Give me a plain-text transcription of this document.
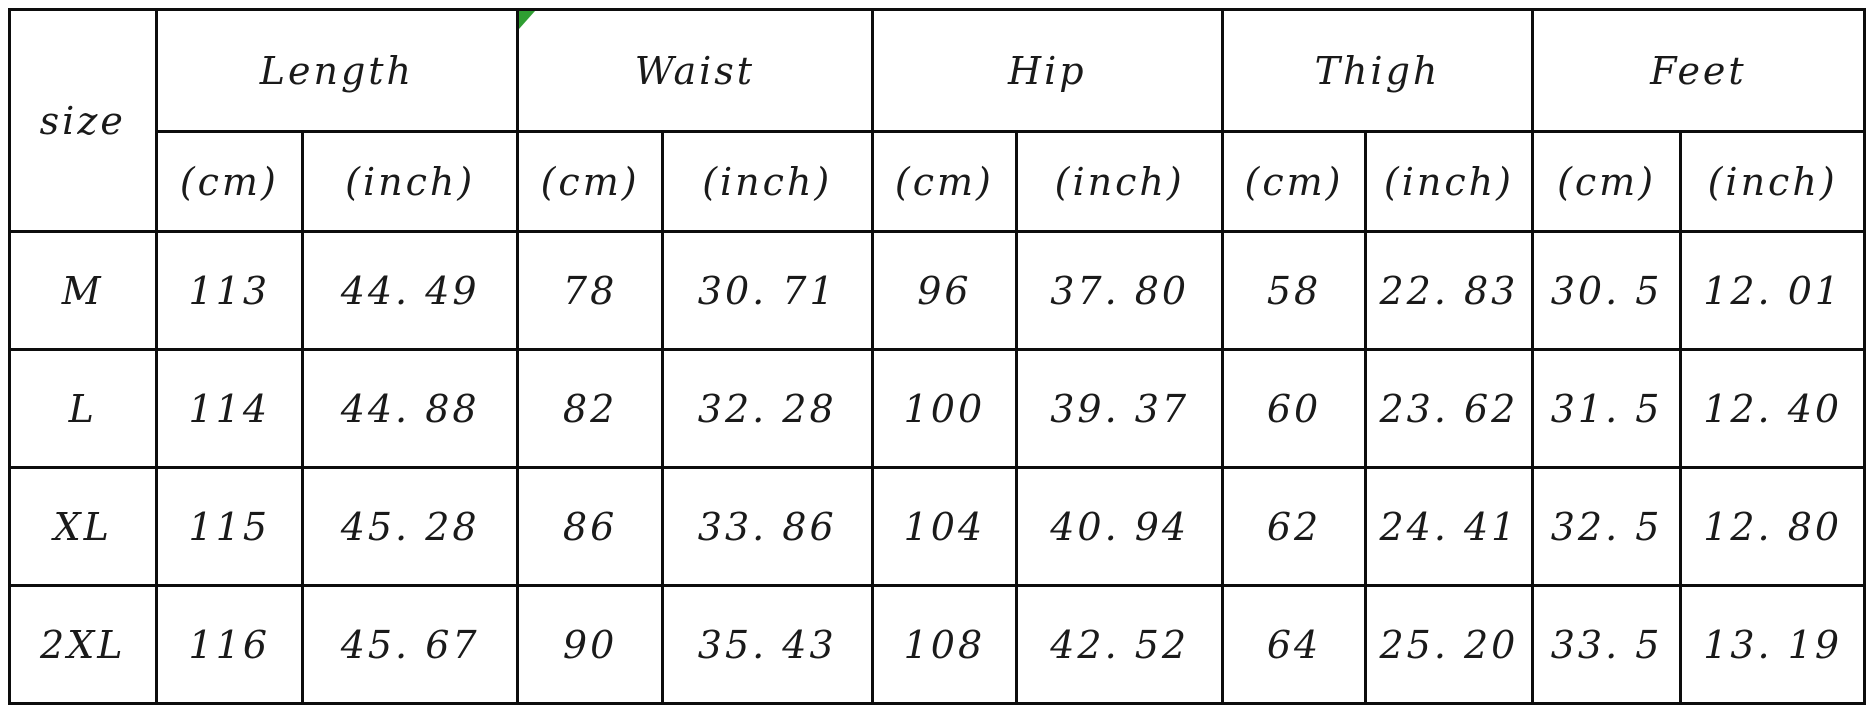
size	Length		Waist		Hip		Thigh		Feet	
	(cm)	(inch)	(cm)	(inch)	(cm)	(inch)	(cm)	(inch)	(cm)	(inch)
M	113	44. 49	78	30. 71	96	37. 80	58	22. 83	30. 5	12. 01
L	114	44. 88	82	32. 28	100	39. 37	60	23. 62	31. 5	12. 40
XL	115	45. 28	86	33. 86	104	40. 94	62	24. 41	32. 5	12. 80
2XL	116	45. 67	90	35. 43	108	42. 52	64	25. 20	33. 5	13. 19
